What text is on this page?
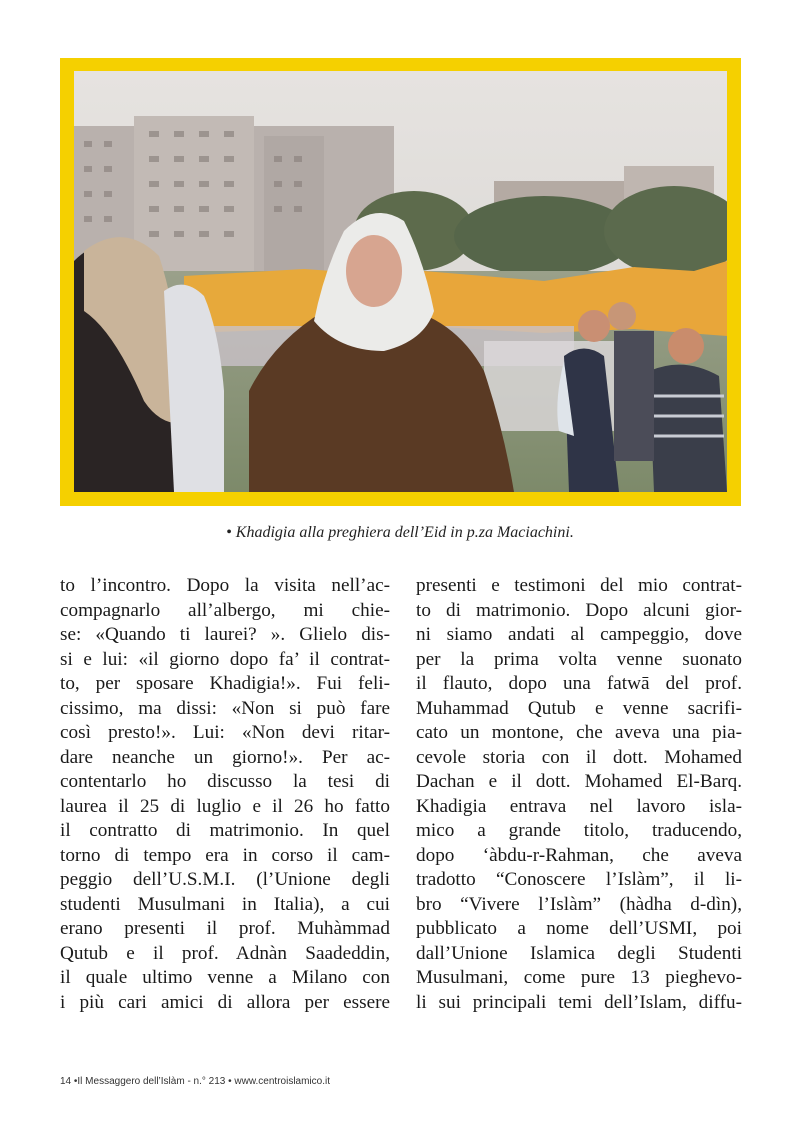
• Khadigia alla preghiera dell’Eid in p.za Maciachini.
to l’incontro. Dopo la visita nell’ac-
compagnarlo all’albergo, mi chie-
se: «Quando ti laurei? ». Glielo dis-
si e lui: «il giorno dopo fa’ il contrat-
to, per sposare Khadigia!». Fui feli-
cissimo, ma dissi: «Non si può fare
così presto!». Lui: «Non devi ritar-
dare neanche un giorno!». Per ac-
contentarlo ho discusso la tesi di
laurea il 25 di luglio e il 26 ho fatto
il contratto di matrimonio. In quel
torno di tempo era in corso il cam-
peggio dell’U.S.M.I. (l’Unione degli
studenti Musulmani in Italia), a cui
erano presenti il prof. Muhàmmad
Qutub e il prof. Adnàn Saadeddin,
il quale ultimo venne a Milano con
i più cari amici di allora per essere
presenti e testimoni del mio contrat-
to di matrimonio. Dopo alcuni gior-
ni siamo andati al campeggio, dove
per la prima volta venne suonato
il flauto, dopo una fatwā del prof.
Muhammad Qutub e venne sacrifi-
cato un montone, che aveva una pia-
cevole storia con il dott. Mohamed
Dachan e il dott. Mohamed El-Barq.
Khadigia entrava nel lavoro isla-
mico a grande titolo, traducendo,
dopo ‘àbdu-r-Rahman, che aveva
tradotto “Conoscere l’Islàm”, il li-
bro “Vivere l’Islàm” (hàdha d-dìn),
pubblicato a nome dell’USMI, poi
dall’Unione Islamica degli Studenti
Musulmani, come pure 13 pieghevo-
li sui principali temi dell’Islam, diffu-
14 •Il Messaggero dell’Islàm - n.° 213 • www.centroislamico.it
